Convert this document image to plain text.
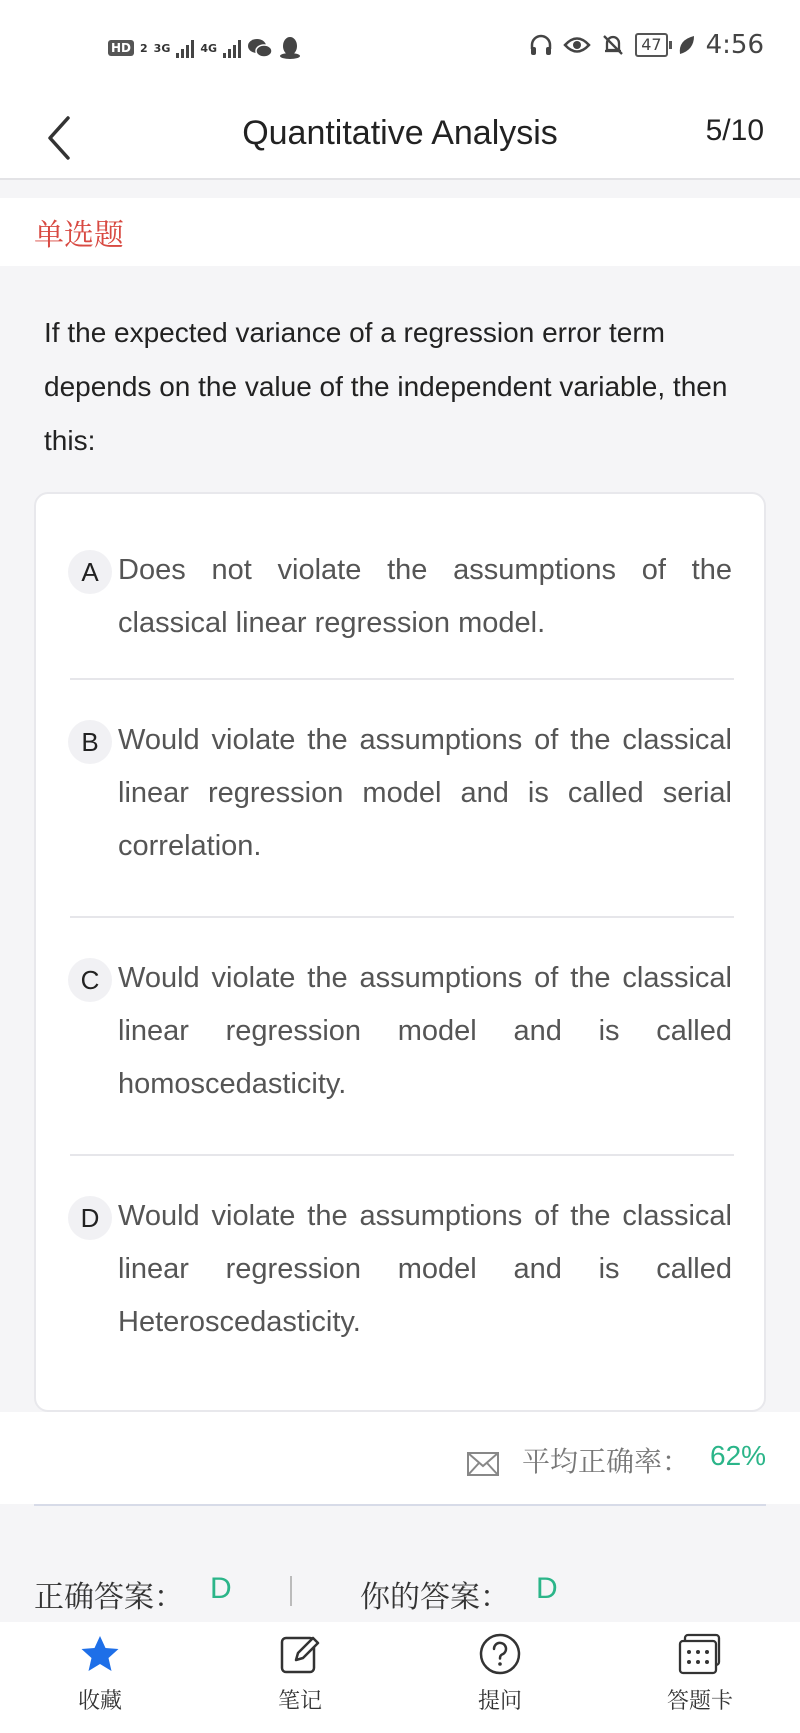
HD 2 3G	4G	47 4:56
Quantitative Analysis	5/10
单选题
If the expected variance of a regression error term depends on the value of the independent variable, then this:
A Does not violate the assumptions of the classical linear regression model.
B Would violate the assumptions of the classical linear regression model and is called serial correlation.
C Would violate the assumptions of the classical linear regression model and is called homoscedasticity.
D Would violate the assumptions of the classical linear regression model and is called Heteroscedasticity.
平均正确率： 62%
正确答案： D	你的答案： D
收藏	笔记	提问	答题卡
